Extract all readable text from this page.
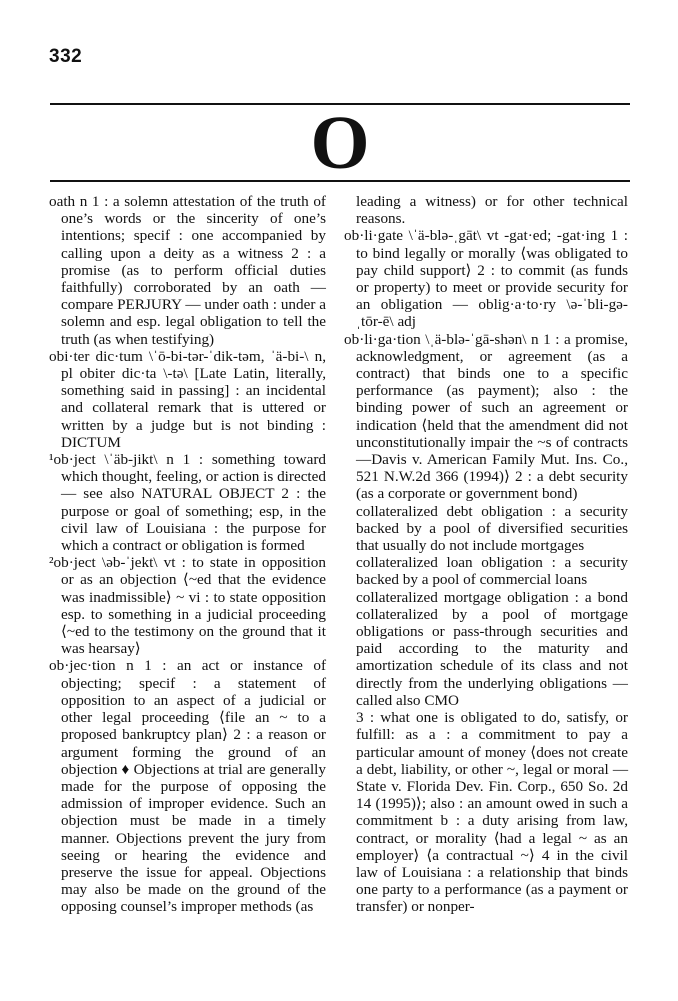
332
O

oath n 1 : a solemn attestation of the truth of one’s words or the sincerity of one’s intentions; specif : one accompanied by calling upon a deity as a witness 2 : a promise (as to perform official duties faithfully) corroborated by an oath — compare PERJURY — under oath : under a solemn and esp. legal obligation to tell the truth (as when testifying)

obi·ter dic·tum \ˈō-bi-tər-ˈdik-təm, ˈä-bi-\ n, pl obiter dic·ta \-tə\ [Late Latin, literally, something said in passing] : an incidental and collateral remark that is uttered or written by a judge but is not binding : DICTUM

¹ob·ject \ˈäb-jikt\ n 1 : something toward which thought, feeling, or action is directed — see also NATURAL OBJECT 2 : the purpose or goal of something; esp, in the civil law of Louisiana : the purpose for which a contract or obligation is formed

²ob·ject \əb-ˈjekt\ vt : to state in opposition or as an objection ⟨~ed that the evidence was inadmissible⟩ ~ vi : to state opposition esp. to something in a judicial proceeding ⟨~ed to the testimony on the ground that it was hearsay⟩

ob·jec·tion n 1 : an act or instance of objecting; specif : a statement of opposition to an aspect of a judicial or other legal proceeding ⟨file an ~ to a proposed bankruptcy plan⟩ 2 : a reason or argument forming the ground of an objection ♦ Objections at trial are generally made for the purpose of opposing the admission of improper evidence. Such an objection must be made in a timely manner. Objections prevent the jury from seeing or hearing the evidence and preserve the issue for appeal. Objections may also be made on the ground of the opposing counsel’s improper methods (as

leading a witness) or for other technical reasons.

ob·li·gate \ˈä-blə-ˌgāt\ vt -gat·ed; -gat·ing 1 : to bind legally or morally ⟨was obligated to pay child support⟩ 2 : to commit (as funds or property) to meet or provide security for an obligation — oblig·a·to·ry \ə-ˈbli-gə-ˌtōr-ē\ adj

ob·li·ga·tion \ˌä-blə-ˈgā-shən\ n 1 : a promise, acknowledgment, or agreement (as a contract) that binds one to a specific performance (as payment); also : the binding power of such an agreement or indication ⟨held that the amendment did not unconstitutionally impair the ~s of contracts —Davis v. American Family Mut. Ins. Co., 521 N.W.2d 366 (1994)⟩ 2 : a debt security (as a corporate or government bond)

collateralized debt obligation : a security backed by a pool of diversified securities that usually do not include mortgages

collateralized loan obligation : a security backed by a pool of commercial loans

collateralized mortgage obligation : a bond collateralized by a pool of mortgage obligations or pass-through securities and paid according to the maturity and amortization schedule of its class and not directly from the underlying obligations — called also CMO

3 : what one is obligated to do, satisfy, or fulfill: as a : a commitment to pay a particular amount of money ⟨does not create a debt, liability, or other ~, legal or moral —State v. Florida Dev. Fin. Corp., 650 So. 2d 14 (1995)⟩; also : an amount owed in such a commitment b : a duty arising from law, contract, or morality ⟨had a legal ~ as an employer⟩ ⟨a contractual ~⟩ 4 in the civil law of Louisiana : a relationship that binds one party to a performance (as a payment or transfer) or nonper-
